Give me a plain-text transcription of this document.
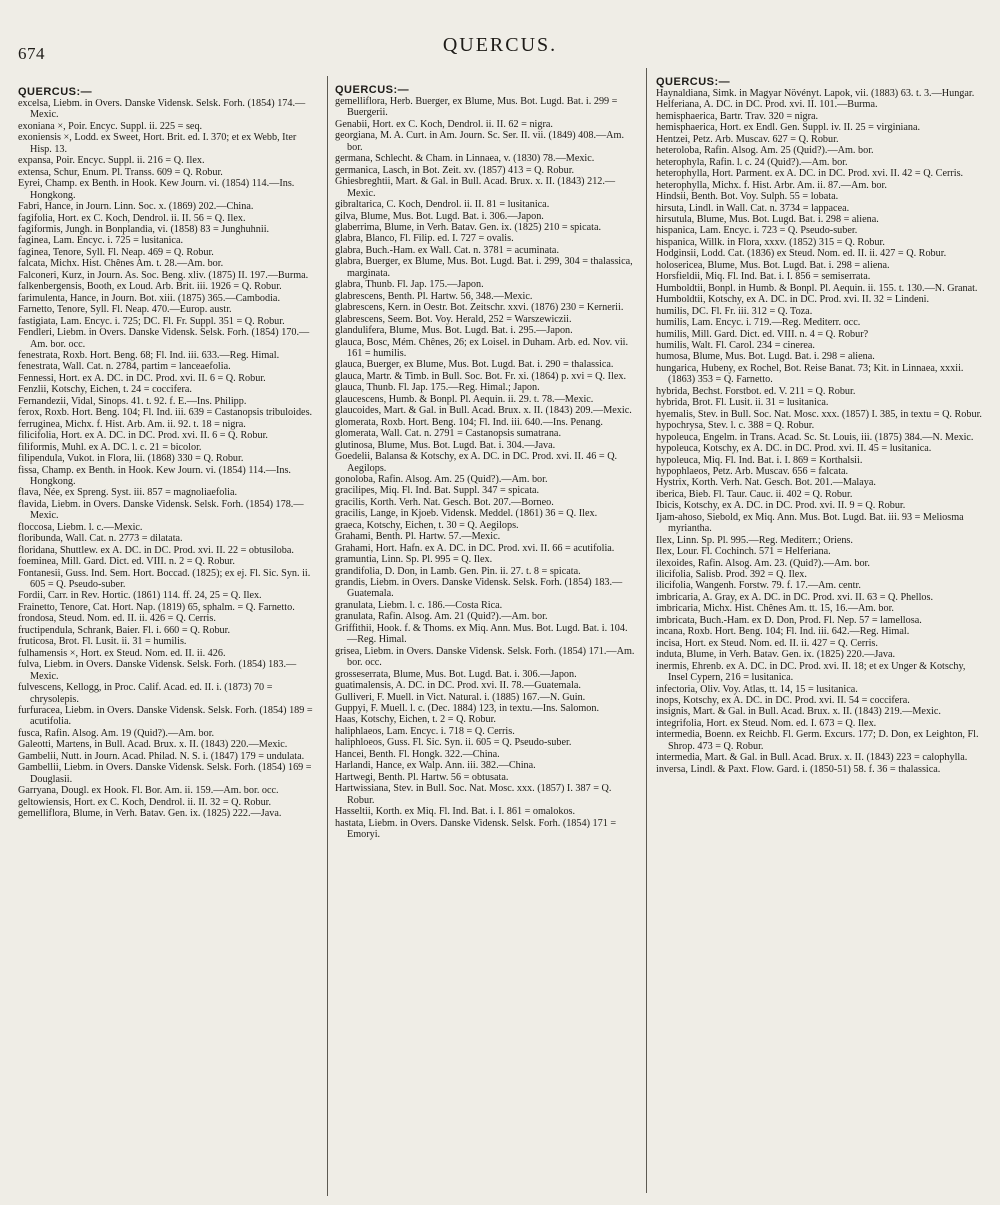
674	QUERCUS.
QUERCUS:—

excelsa, Liebm. in Overs. Danske Vidensk. Selsk. Forh. (1854) 174.—Mexic.

exoniana ×, Poir. Encyc. Suppl. ii. 225 = seq.

exoniensis ×, Lodd. ex Sweet, Hort. Brit. ed. I. 370; et ex Webb, Iter Hisp. 13.

expansa, Poir. Encyc. Suppl. ii. 216 = Q. Ilex.

extensa, Schur, Enum. Pl. Transs. 609 = Q. Robur.

Eyrei, Champ. ex Benth. in Hook. Kew Journ. vi. (1854) 114.—Ins. Hongkong.

Fabri, Hance, in Journ. Linn. Soc. x. (1869) 202.—China.

fagifolia, Hort. ex C. Koch, Dendrol. ii. II. 56 = Q. Ilex.

fagiformis, Jungh. in Bonplandia, vi. (1858) 83 = Junghuhnii.

faginea, Lam. Encyc. i. 725 = lusitanica.

faginea, Tenore, Syll. Fl. Neap. 469 = Q. Robur.

falcata, Michx. Hist. Chênes Am. t. 28.—Am. bor.

Falconeri, Kurz, in Journ. As. Soc. Beng. xliv. (1875) II. 197.—Burma.

falkenbergensis, Booth, ex Loud. Arb. Brit. iii. 1926 = Q. Robur.

farimulenta, Hance, in Journ. Bot. xiii. (1875) 365.—Cambodia.

Farnetto, Tenore, Syll. Fl. Neap. 470.—Europ. austr.

fastigiata, Lam. Encyc. i. 725; DC. Fl. Fr. Suppl. 351 = Q. Robur.

Fendleri, Liebm. in Overs. Danske Vidensk. Selsk. Forh. (1854) 170.—Am. bor. occ.

fenestrata, Roxb. Hort. Beng. 68; Fl. Ind. iii. 633.—Reg. Himal.

fenestrata, Wall. Cat. n. 2784, partim = lanceaefolia.

Fennessi, Hort. ex A. DC. in DC. Prod. xvi. II. 6 = Q. Robur.

Fenzlii, Kotschy, Eichen, t. 24 = coccifera.

Fernandezii, Vidal, Sinops. 41. t. 92. f. E.—Ins. Philipp.

ferox, Roxb. Hort. Beng. 104; Fl. Ind. iii. 639 = Castanopsis tribuloides.

ferruginea, Michx. f. Hist. Arb. Am. ii. 92. t. 18 = nigra.

filicifolia, Hort. ex A. DC. in DC. Prod. xvi. II. 6 = Q. Robur.

filiformis, Muhl. ex A. DC. l. c. 21 = bicolor.

filipendula, Vukot. in Flora, lii. (1868) 330 = Q. Robur.

fissa, Champ. ex Benth. in Hook. Kew Journ. vi. (1854) 114.—Ins. Hongkong.

flava, Née, ex Spreng. Syst. iii. 857 = magnoliaefolia.

flavida, Liebm. in Overs. Danske Vidensk. Selsk. Forh. (1854) 178.—Mexic.

floccosa, Liebm. l. c.—Mexic.

floribunda, Wall. Cat. n. 2773 = dilatata.

floridana, Shuttlew. ex A. DC. in DC. Prod. xvi. II. 22 = obtusiloba.

foeminea, Mill. Gard. Dict. ed. VIII. n. 2 = Q. Robur.

Fontanesii, Guss. Ind. Sem. Hort. Boccad. (1825); ex ej. Fl. Sic. Syn. ii. 605 = Q. Pseudo-suber.

Fordii, Carr. in Rev. Hortic. (1861) 114. ff. 24, 25 = Q. Ilex.

Frainetto, Tenore, Cat. Hort. Nap. (1819) 65, sphalm. = Q. Farnetto.

frondosa, Steud. Nom. ed. II. ii. 426 = Q. Cerris.

fructipendula, Schrank, Baier. Fl. i. 660 = Q. Robur.

fruticosa, Brot. Fl. Lusit. ii. 31 = humilis.

fulhamensis ×, Hort. ex Steud. Nom. ed. II. ii. 426.

fulva, Liebm. in Overs. Danske Vidensk. Selsk. Forh. (1854) 183.—Mexic.

fulvescens, Kellogg, in Proc. Calif. Acad. ed. II. i. (1873) 70 = chrysolepis.

furfuracea, Liebm. in Overs. Danske Vidensk. Selsk. Forh. (1854) 189 = acutifolia.

fusca, Rafin. Alsog. Am. 19 (Quid?).—Am. bor.

Galeotti, Martens, in Bull. Acad. Brux. x. II. (1843) 220.—Mexic.

Gambelii, Nutt. in Journ. Acad. Philad. N. S. i. (1847) 179 = undulata.

Gambellii, Liebm. in Overs. Danske Vidensk. Selsk. Forh. (1854) 169 = Douglasii.

Garryana, Dougl. ex Hook. Fl. Bor. Am. ii. 159.—Am. bor. occ.

geltowiensis, Hort. ex C. Koch, Dendrol. ii. II. 32 = Q. Robur.

gemelliflora, Blume, in Verh. Batav. Gen. ix. (1825) 222.—Java.

QUERCUS:—

gemelliflora, Herb. Buerger, ex Blume, Mus. Bot. Lugd. Bat. i. 299 = Buergerii.

Genabii, Hort. ex C. Koch, Dendrol. ii. II. 62 = nigra.

georgiana, M. A. Curt. in Am. Journ. Sc. Ser. II. vii. (1849) 408.—Am. bor.

germana, Schlecht. & Cham. in Linnaea, v. (1830) 78.—Mexic.

germanica, Lasch, in Bot. Zeit. xv. (1857) 413 = Q. Robur.

Ghiesbreghtii, Mart. & Gal. in Bull. Acad. Brux. x. II. (1843) 212.—Mexic.

gibraltarica, C. Koch, Dendrol. ii. II. 81 = lusitanica.

gilva, Blume, Mus. Bot. Lugd. Bat. i. 306.—Japon.

glaberrima, Blume, in Verh. Batav. Gen. ix. (1825) 210 = spicata.

glabra, Blanco, Fl. Filip. ed. I. 727 = ovalis.

glabra, Buch.-Ham. ex Wall. Cat. n. 3781 = acuminata.

glabra, Buerger, ex Blume, Mus. Bot. Lugd. Bat. i. 299, 304 = thalassica, marginata.

glabra, Thunb. Fl. Jap. 175.—Japon.

glabrescens, Benth. Pl. Hartw. 56, 348.—Mexic.

glabrescens, Kern. in Oestr. Bot. Zeitschr. xxvi. (1876) 230 = Kernerii.

glabrescens, Seem. Bot. Voy. Herald, 252 = Warszewiczii.

glandulifera, Blume, Mus. Bot. Lugd. Bat. i. 295.—Japon.

glauca, Bosc, Mém. Chênes, 26; ex Loisel. in Duham. Arb. ed. Nov. vii. 161 = humilis.

glauca, Buerger, ex Blume, Mus. Bot. Lugd. Bat. i. 290 = thalassica.

glauca, Martr. & Timb. in Bull. Soc. Bot. Fr. xi. (1864) p. xvi = Q. Ilex.

glauca, Thunb. Fl. Jap. 175.—Reg. Himal.; Japon.

glaucescens, Humb. & Bonpl. Pl. Aequin. ii. 29. t. 78.—Mexic.

glaucoides, Mart. & Gal. in Bull. Acad. Brux. x. II. (1843) 209.—Mexic.

glomerata, Roxb. Hort. Beng. 104; Fl. Ind. iii. 640.—Ins. Penang.

glomerata, Wall. Cat. n. 2791 = Castanopsis sumatrana.

glutinosa, Blume, Mus. Bot. Lugd. Bat. i. 304.—Java.

Goedelii, Balansa & Kotschy, ex A. DC. in DC. Prod. xvi. II. 46 = Q. Aegilops.

gonoloba, Rafin. Alsog. Am. 25 (Quid?).—Am. bor.

gracilipes, Miq. Fl. Ind. Bat. Suppl. 347 = spicata.

gracilis, Korth. Verh. Nat. Gesch. Bot. 207.—Borneo.

gracilis, Lange, in Kjoeb. Vidensk. Meddel. (1861) 36 = Q. Ilex.

graeca, Kotschy, Eichen, t. 30 = Q. Aegilops.

Grahami, Benth. Pl. Hartw. 57.—Mexic.

Grahami, Hort. Hafn. ex A. DC. in DC. Prod. xvi. II. 66 = acutifolia.

gramuntia, Linn. Sp. Pl. 995 = Q. Ilex.

grandifolia, D. Don, in Lamb. Gen. Pin. ii. 27. t. 8 = spicata.

grandis, Liebm. in Overs. Danske Vidensk. Selsk. Forh. (1854) 183.—Guatemala.

granulata, Liebm. l. c. 186.—Costa Rica.

granulata, Rafin. Alsog. Am. 21 (Quid?).—Am. bor.

Griffithii, Hook. f. & Thoms. ex Miq. Ann. Mus. Bot. Lugd. Bat. i. 104.—Reg. Himal.

grisea, Liebm. in Overs. Danske Vidensk. Selsk. Forh. (1854) 171.—Am. bor. occ.

grosseserrata, Blume, Mus. Bot. Lugd. Bat. i. 306.—Japon.

guatimalensis, A. DC. in DC. Prod. xvi. II. 78.—Guatemala.

Gulliveri, F. Muell. in Vict. Natural. i. (1885) 167.—N. Guin.

Guppyi, F. Muell. l. c. (Dec. 1884) 123, in textu.—Ins. Salomon.

Haas, Kotschy, Eichen, t. 2 = Q. Robur.

haliphlaeos, Lam. Encyc. i. 718 = Q. Cerris.

haliphloeos, Guss. Fl. Sic. Syn. ii. 605 = Q. Pseudo-suber.

Hancei, Benth. Fl. Hongk. 322.—China.

Harlandi, Hance, ex Walp. Ann. iii. 382.—China.

Hartwegi, Benth. Pl. Hartw. 56 = obtusata.

Hartwissiana, Stev. in Bull. Soc. Nat. Mosc. xxx. (1857) I. 387 = Q. Robur.

Hasseltii, Korth. ex Miq. Fl. Ind. Bat. i. I. 861 = omalokos.

hastata, Liebm. in Overs. Danske Vidensk. Selsk. Forh. (1854) 171 = Emoryi.

QUERCUS:—

Haynaldiana, Simk. in Magyar Növényt. Lapok, vii. (1883) 63. t. 3.—Hungar.

Helferiana, A. DC. in DC. Prod. xvi. II. 101.—Burma.

hemisphaerica, Bartr. Trav. 320 = nigra.

hemisphaerica, Hort. ex Endl. Gen. Suppl. iv. II. 25 = virginiana.

Hentzei, Petz. Arb. Muscav. 627 = Q. Robur.

heteroloba, Rafin. Alsog. Am. 25 (Quid?).—Am. bor.

heterophyla, Rafin. l. c. 24 (Quid?).—Am. bor.

heterophylla, Hort. Parment. ex A. DC. in DC. Prod. xvi. II. 42 = Q. Cerris.

heterophylla, Michx. f. Hist. Arbr. Am. ii. 87.—Am. bor.

Hindsii, Benth. Bot. Voy. Sulph. 55 = lobata.

hirsuta, Lindl. in Wall. Cat. n. 3734 = lappacea.

hirsutula, Blume, Mus. Bot. Lugd. Bat. i. 298 = aliena.

hispanica, Lam. Encyc. i. 723 = Q. Pseudo-suber.

hispanica, Willk. in Flora, xxxv. (1852) 315 = Q. Robur.

Hodginsii, Lodd. Cat. (1836) ex Steud. Nom. ed. II. ii. 427 = Q. Robur.

holosericea, Blume, Mus. Bot. Lugd. Bat. i. 298 = aliena.

Horsfieldii, Miq. Fl. Ind. Bat. i. I. 856 = semiserrata.

Humboldtii, Bonpl. in Humb. & Bonpl. Pl. Aequin. ii. 155. t. 130.—N. Granat.

Humboldtii, Kotschy, ex A. DC. in DC. Prod. xvi. II. 32 = Lindeni.

humilis, DC. Fl. Fr. iii. 312 = Q. Toza.

humilis, Lam. Encyc. i. 719.—Reg. Mediterr. occ.

humilis, Mill. Gard. Dict. ed. VIII. n. 4 = Q. Robur?

humilis, Walt. Fl. Carol. 234 = cinerea.

humosa, Blume, Mus. Bot. Lugd. Bat. i. 298 = aliena.

hungarica, Hubeny, ex Rochel, Bot. Reise Banat. 73; Kit. in Linnaea, xxxii. (1863) 353 = Q. Farnetto.

hybrida, Bechst. Forstbot. ed. V. 211 = Q. Robur.

hybrida, Brot. Fl. Lusit. ii. 31 = lusitanica.

hyemalis, Stev. in Bull. Soc. Nat. Mosc. xxx. (1857) I. 385, in textu = Q. Robur.

hypochrysa, Stev. l. c. 388 = Q. Robur.

hypoleuca, Engelm. in Trans. Acad. Sc. St. Louis, iii. (1875) 384.—N. Mexic.

hypoleuca, Kotschy, ex A. DC. in DC. Prod. xvi. II. 45 = lusitanica.

hypoleuca, Miq. Fl. Ind. Bat. i. I. 869 = Korthalsii.

hypophlaeos, Petz. Arb. Muscav. 656 = falcata.

Hystrix, Korth. Verh. Nat. Gesch. Bot. 201.—Malaya.

iberica, Bieb. Fl. Taur. Cauc. ii. 402 = Q. Robur.

Ibicis, Kotschy, ex A. DC. in DC. Prod. xvi. II. 9 = Q. Robur.

Ijam-ahoso, Siebold, ex Miq. Ann. Mus. Bot. Lugd. Bat. iii. 93 = Meliosma myriantha.

Ilex, Linn. Sp. Pl. 995.—Reg. Mediterr.; Oriens.

Ilex, Lour. Fl. Cochinch. 571 = Helferiana.

ilexoides, Rafin. Alsog. Am. 23. (Quid?).—Am. bor.

ilicifolia, Salisb. Prod. 392 = Q. Ilex.

ilicifolia, Wangenh. Forstw. 79. f. 17.—Am. centr.

imbricaria, A. Gray, ex A. DC. in DC. Prod. xvi. II. 63 = Q. Phellos.

imbricaria, Michx. Hist. Chênes Am. tt. 15, 16.—Am. bor.

imbricata, Buch.-Ham. ex D. Don, Prod. Fl. Nep. 57 = lamellosa.

incana, Roxb. Hort. Beng. 104; Fl. Ind. iii. 642.—Reg. Himal.

incisa, Hort. ex Steud. Nom. ed. II. ii. 427 = Q. Cerris.

induta, Blume, in Verh. Batav. Gen. ix. (1825) 220.—Java.

inermis, Ehrenb. ex A. DC. in DC. Prod. xvi. II. 18; et ex Unger & Kotschy, Insel Cypern, 216 = lusitanica.

infectoria, Oliv. Voy. Atlas, tt. 14, 15 = lusitanica.

inops, Kotschy, ex A. DC. in DC. Prod. xvi. II. 54 = coccifera.

insignis, Mart. & Gal. in Bull. Acad. Brux. x. II. (1843) 219.—Mexic.

integrifolia, Hort. ex Steud. Nom. ed. I. 673 = Q. Ilex.

intermedia, Boenn. ex Reichb. Fl. Germ. Excurs. 177; D. Don, ex Leighton, Fl. Shrop. 473 = Q. Robur.

intermedia, Mart. & Gal. in Bull. Acad. Brux. x. II. (1843) 223 = calophylla.

inversa, Lindl. & Paxt. Flow. Gard. i. (1850-51) 58. f. 36 = thalassica.
